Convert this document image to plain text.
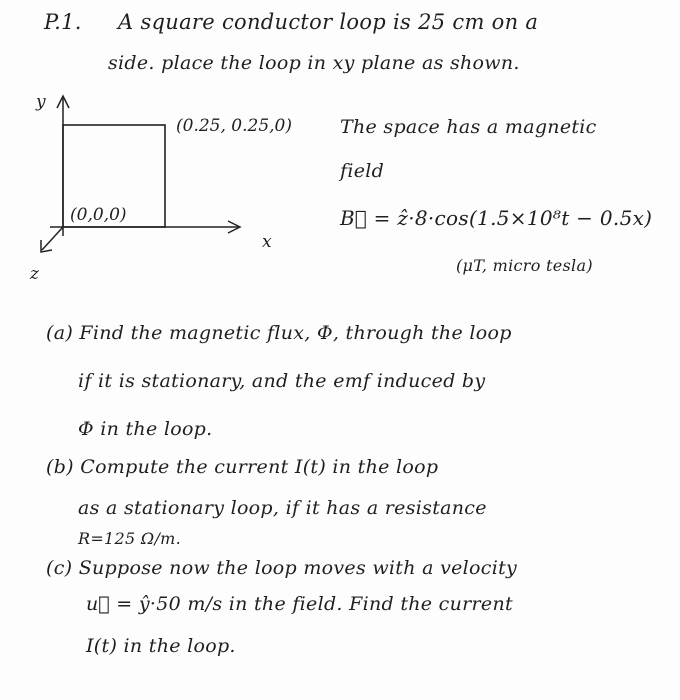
P.1. A square conductor loop is 25 cm on a
side. place the loop in xy plane as shown.
y
x
z
(0.25, 0.25,0)
(0,0,0)
The space has a magnetic
field
B⃗ = ẑ·8·cos(1.5×10⁸t − 0.5x)
(μT, micro tesla)
(a) Find the magnetic flux, Φ, through the loop
if it is stationary, and the emf induced by
Φ in the loop.
(b) Compute the current I(t) in the loop
as a stationary loop, if it has a resistance
R=125 Ω/m.
(c) Suppose now the loop moves with a velocity
u⃗ = ŷ·50 m/s in the field. Find the current
I(t) in the loop.
